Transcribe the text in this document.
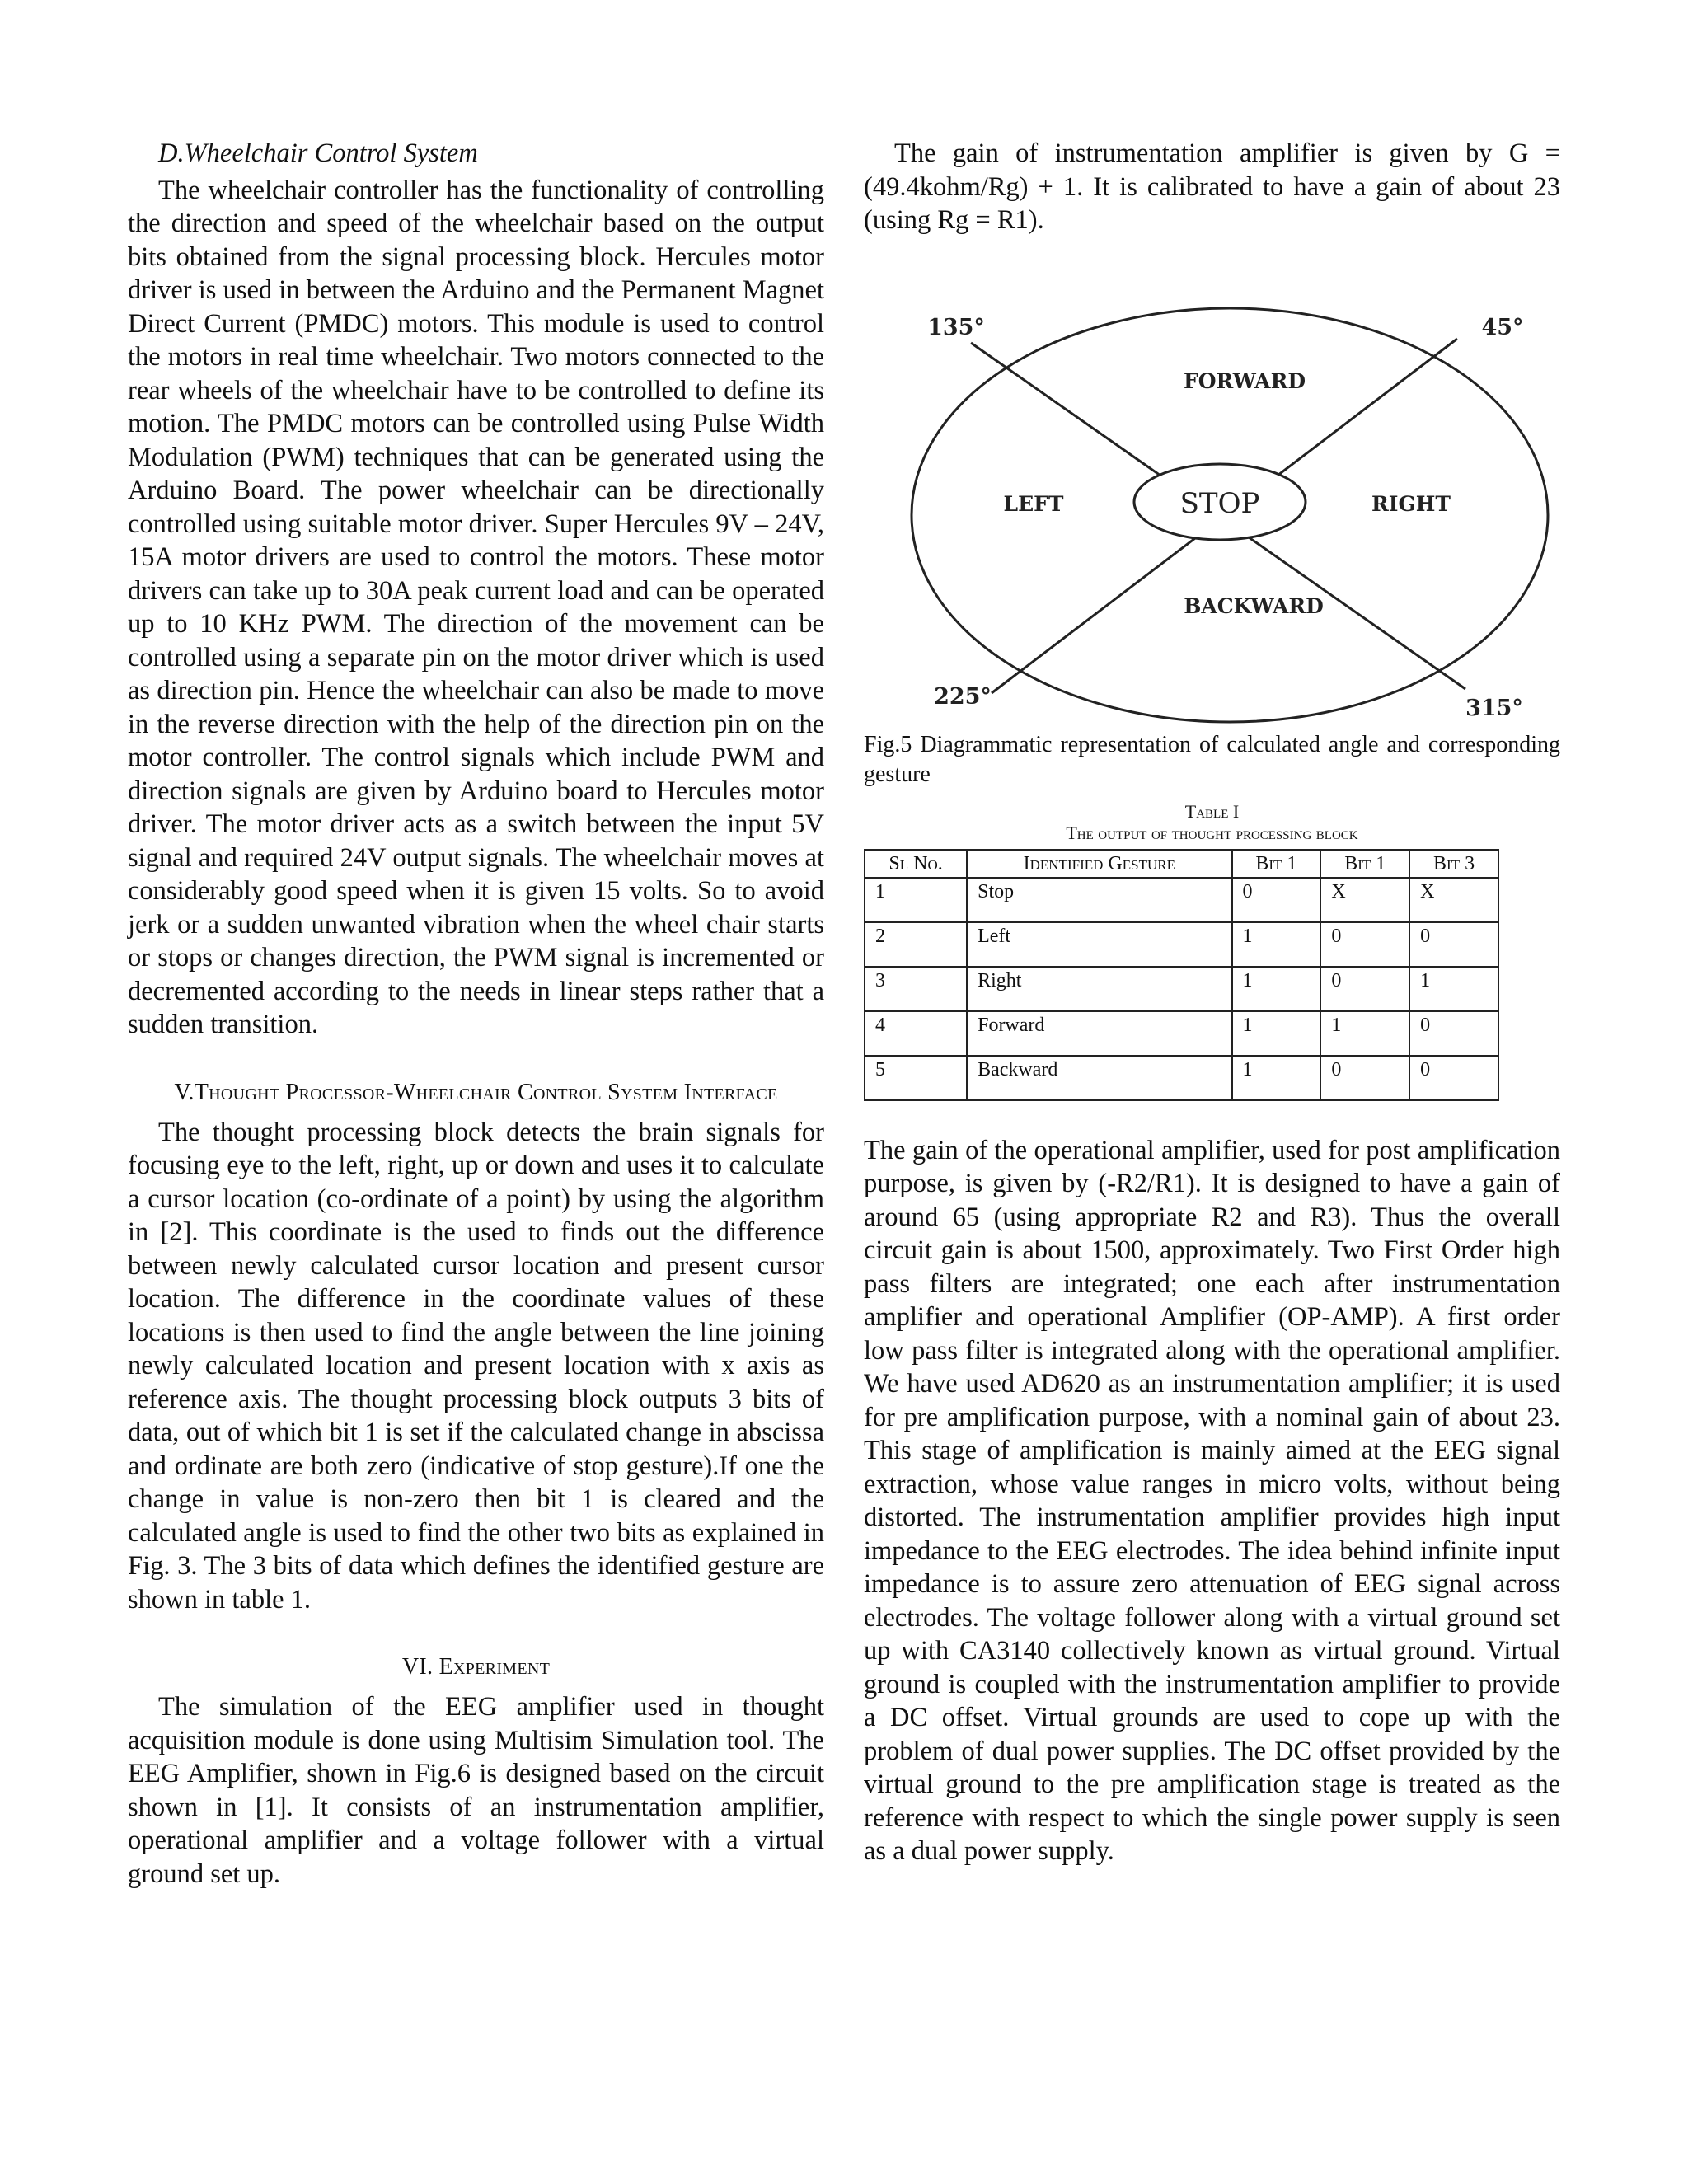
D.Wheelchair Control System

The wheelchair controller has the functionality of controlling the direction and speed of the wheelchair based on the output bits obtained from the signal processing block. Hercules motor driver is used in between the Arduino and the Permanent Magnet Direct Current (PMDC) motors. This module is used to control the motors in real time wheelchair. Two motors connected to the rear wheels of the wheelchair have to be controlled to define its motion. The PMDC motors can be controlled using Pulse Width Modulation (PWM) techniques that can be generated using the Arduino Board. The power wheelchair can be directionally controlled using suitable motor driver. Super Hercules 9V – 24V, 15A motor drivers are used to control the motors. These motor drivers can take up to 30A peak current load and can be operated up to 10 KHz PWM. The direction of the movement can be controlled using a separate pin on the motor driver which is used as direction pin. Hence the wheelchair can also be made to move in the reverse direction with the help of the direction pin on the motor controller. The control signals which include PWM and direction signals are given by Arduino board to Hercules motor driver. The motor driver acts as a switch between the input 5V signal and required 24V output signals. The wheelchair moves at considerably good speed when it is given 15 volts. So to avoid jerk or a sudden unwanted vibration when the wheel chair starts or stops or changes direction, the PWM signal is incremented or decremented according to the needs in linear steps rather that a sudden transition.

V.Thought Processor-Wheelchair Control System Interface

The thought processing block detects the brain signals for focusing eye to the left, right, up or down and uses it to calculate a cursor location (co-ordinate of a point) by using the algorithm in [2]. This coordinate is the used to finds out the difference between newly calculated cursor location and present cursor location. The difference in the coordinate values of these locations is then used to find the angle between the line joining newly calculated location and present location with x axis as reference axis. The thought processing block outputs 3 bits of data, out of which bit 1 is set if the calculated change in abscissa and ordinate are both zero (indicative of stop gesture).If one the change in value is non-zero then bit 1 is cleared and the calculated angle is used to find the other two bits as explained in Fig. 3. The 3 bits of data which defines the identified gesture are shown in table 1.

VI. Experiment

The simulation of the EEG amplifier used in thought acquisition module is done using Multisim Simulation tool. The EEG Amplifier, shown in Fig.6 is designed based on the circuit shown in [1]. It consists of an instrumentation amplifier, operational amplifier and a voltage follower with a virtual ground set up.

The gain of instrumentation amplifier is given by G = (49.4kohm/Rg) + 1. It is calibrated to have a gain of about 23 (using Rg = R1).

STOP
FORWARD
BACKWARD
LEFT	RIGHT
135°	45°
225°	315°

Fig.5 Diagrammatic representation of calculated angle and corresponding gesture

Table I
The output of thought processing block
Sl No.	Identified Gesture	Bit 1	Bit 1	Bit 3
1	Stop	0	X	X
2	Left	1	0	0
3	Right	1	0	1
4	Forward	1	1	0
5	Backward	1	0	0

The gain of the operational amplifier, used for post amplification purpose, is given by (-R2/R1). It is designed to have a gain of around 65 (using appropriate R2 and R3). Thus the overall circuit gain is about 1500, approximately. Two First Order high pass filters are integrated; one each after instrumentation amplifier and operational Amplifier (OP-AMP). A first order low pass filter is integrated along with the operational amplifier. We have used AD620 as an instrumentation amplifier; it is used for pre amplification purpose, with a nominal gain of about 23. This stage of amplification is mainly aimed at the EEG signal extraction, whose value ranges in micro volts, without being distorted. The instrumentation amplifier provides high input impedance to the EEG electrodes. The idea behind infinite input impedance is to assure zero attenuation of EEG signal across electrodes. The voltage follower along with a virtual ground set up with CA3140 collectively known as virtual ground. Virtual ground is coupled with the instrumentation amplifier to provide a DC offset. Virtual grounds are used to cope up with the problem of dual power supplies. The DC offset provided by the virtual ground to the pre amplification stage is treated as the reference with respect to which the single power supply is seen as a dual power supply.
